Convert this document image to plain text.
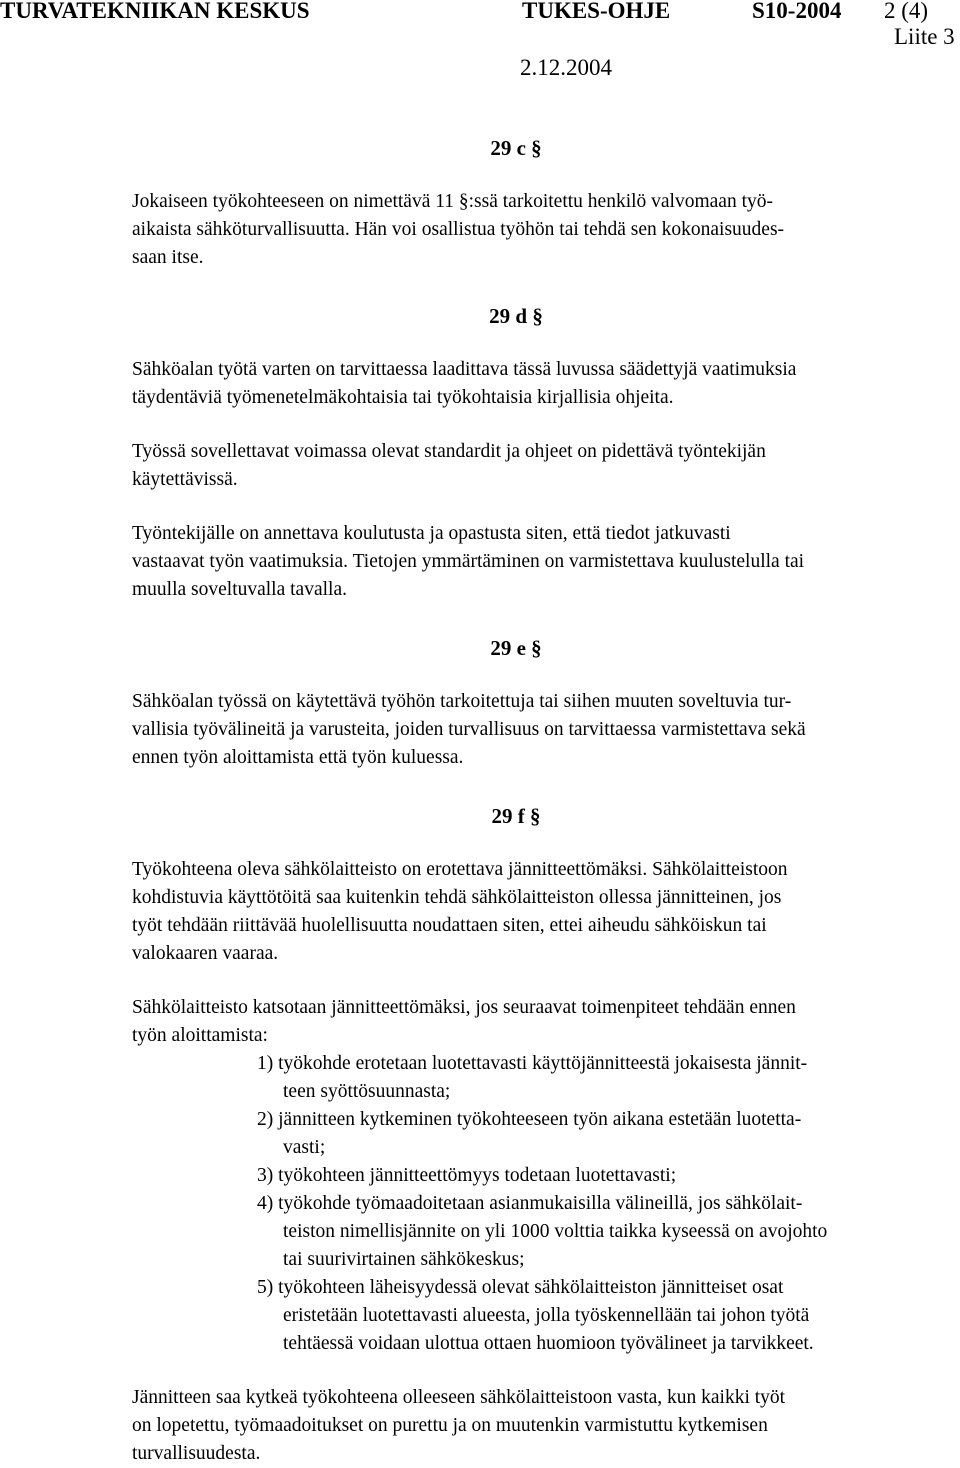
TURVATEKNIIKAN KESKUS	TUKES-OHJE	S10-2004 2 (4)
Liite 3
2.12.2004
29 c §

Jokaiseen työkohteeseen on nimettävä 11 §:ssä tarkoitettu henkilö valvomaan työ-
aikaista sähköturvallisuutta. Hän voi osallistua työhön tai tehdä sen kokonaisuudes-
saan itse.

29 d §

Sähköalan työtä varten on tarvittaessa laadittava tässä luvussa säädettyjä vaatimuksia
täydentäviä työmenetelmäkohtaisia tai työkohtaisia kirjallisia ohjeita.

Työssä sovellettavat voimassa olevat standardit ja ohjeet on pidettävä työntekijän
käytettävissä.

Työntekijälle on annettava koulutusta ja opastusta siten, että tiedot jatkuvasti
vastaavat työn vaatimuksia. Tietojen ymmärtäminen on varmistettava kuulustelulla tai
muulla soveltuvalla tavalla.

29 e §

Sähköalan työssä on käytettävä työhön tarkoitettuja tai siihen muuten soveltuvia tur-
vallisia työvälineitä ja varusteita, joiden turvallisuus on tarvittaessa varmistettava sekä
ennen työn aloittamista että työn kuluessa.

29 f §

Työkohteena oleva sähkölaitteisto on erotettava jännitteettömäksi. Sähkölaitteistoon
kohdistuvia käyttötöitä saa kuitenkin tehdä sähkölaitteiston ollessa jännitteinen, jos
työt tehdään riittävää huolellisuutta noudattaen siten, ettei aiheudu sähköiskun tai
valokaaren vaaraa.

Sähkölaitteisto katsotaan jännitteettömäksi, jos seuraavat toimenpiteet tehdään ennen
työn aloittamista:

1) työkohde erotetaan luotettavasti käyttöjännitteestä jokaisesta jännit-
teen syöttösuunnasta;
2) jännitteen kytkeminen työkohteeseen työn aikana estetään luotetta-
vasti;
3) työkohteen jännitteettömyys todetaan luotettavasti;
4) työkohde työmaadoitetaan asianmukaisilla välineillä, jos sähkölait-
teiston nimellisjännite on yli 1000 volttia taikka kyseessä on avojohto
tai suurivirtainen sähkökeskus;
5) työkohteen läheisyydessä olevat sähkölaitteiston jännitteiset osat
eristetään luotettavasti alueesta, jolla työskennellään tai johon työtä
tehtäessä voidaan ulottua ottaen huomioon työvälineet ja tarvikkeet.

Jännitteen saa kytkeä työkohteena olleeseen sähkölaitteistoon vasta, kun kaikki työt
on lopetettu, työmaadoitukset on purettu ja on muutenkin varmistuttu kytkemisen
turvallisuudesta.
